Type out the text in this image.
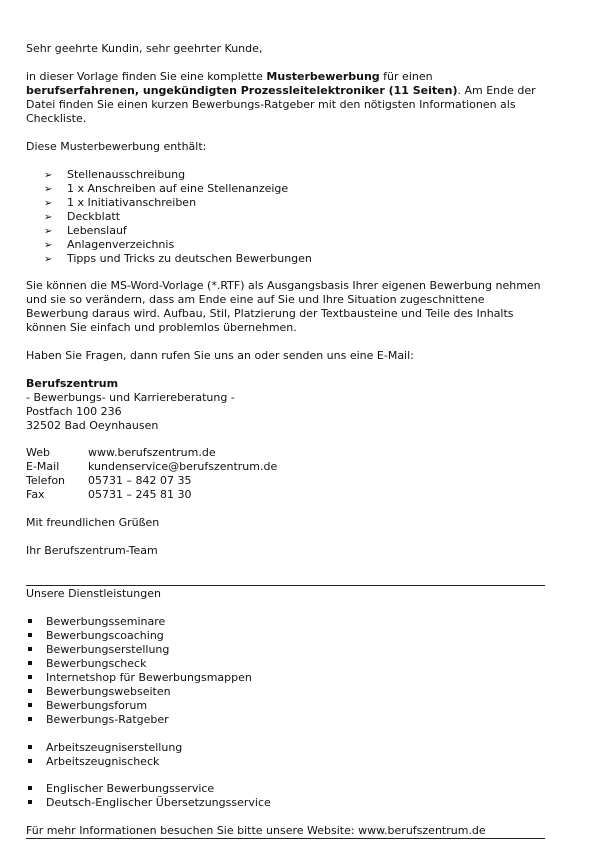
Sehr geehrte Kundin, sehr geehrter Kunde,
in dieser Vorlage finden Sie eine komplette Musterbewerbung für einen berufserfahrenen, ungekündigten Prozessleitelektroniker (11 Seiten). Am Ende der Datei finden Sie einen kurzen Bewerbungs-Ratgeber mit den nötigsten Informationen als Checkliste.
Diese Musterbewerbung enthält:
➢ Stellenausschreibung
➢ 1 x Anschreiben auf eine Stellenanzeige
➢ 1 x Initiativanschreiben
➢ Deckblatt
➢ Lebenslauf
➢ Anlagenverzeichnis
➢ Tipps und Tricks zu deutschen Bewerbungen
Sie können die MS-Word-Vorlage (*.RTF) als Ausgangsbasis Ihrer eigenen Bewerbung nehmen und sie so verändern, dass am Ende eine auf Sie und Ihre Situation zugeschnittene Bewerbung daraus wird. Aufbau, Stil, Platzierung der Textbausteine und Teile des Inhalts können Sie einfach und problemlos übernehmen.
Haben Sie Fragen, dann rufen Sie uns an oder senden uns eine E-Mail:
Berufszentrum
- Bewerbungs- und Karriereberatung -
Postfach 100 236
32502 Bad Oeynhausen
Web	www.berufszentrum.de
E-Mail	kundenservice@berufszentrum.de
Telefon 05731 – 842 07 35
Fax	05731 – 245 81 30
Mit freundlichen Grüßen
Ihr Berufszentrum-Team
Unsere Dienstleistungen
Bewerbungsseminare
Bewerbungscoaching
Bewerbungserstellung
Bewerbungscheck
Internetshop für Bewerbungsmappen
Bewerbungswebseiten
Bewerbungsforum
Bewerbungs-Ratgeber
Arbeitszeugniserstellung
Arbeitszeugnischeck
Englischer Bewerbungsservice
Deutsch-Englischer Übersetzungsservice
Für mehr Informationen besuchen Sie bitte unsere Website: www.berufszentrum.de
